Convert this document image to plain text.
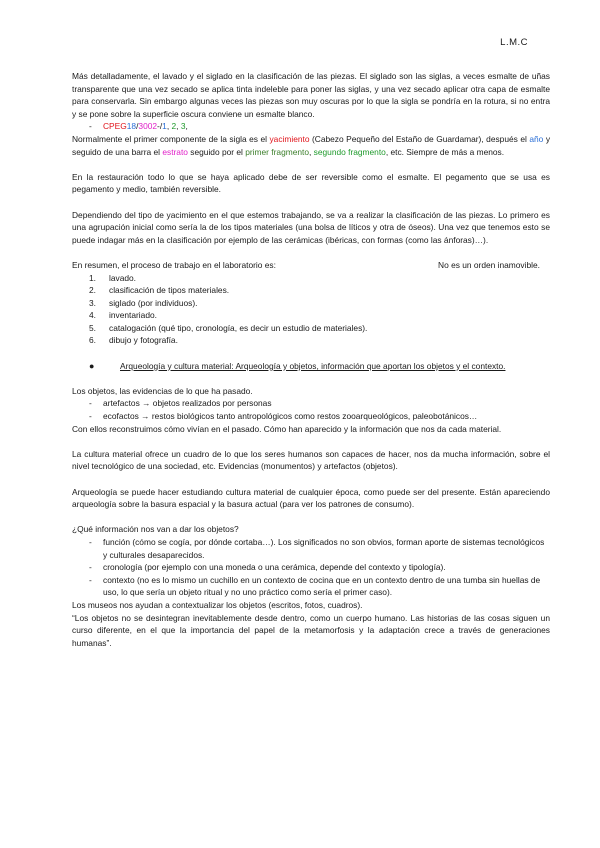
L.M.C

Más detalladamente, el lavado y el siglado en la clasificación de las piezas. El siglado son las siglas, a veces esmalte de uñas transparente que una vez secado se aplica tinta indeleble para poner las siglas, y una vez secado aplicar otra capa de esmalte para conservarla. Sin embargo algunas veces las piezas son muy oscuras por lo que la sigla se pondría en la rotura, si no entra y se pone sobre la superficie oscura conviene un esmalte blanco.

- CPEG18/3002-/1, 2, 3,

Normalmente el primer componente de la sigla es el yacimiento (Cabezo Pequeño del Estaño de Guardamar), después el año y seguido de una barra el estrato seguido por el primer fragmento, segundo fragmento, etc. Siempre de más a menos.

En la restauración todo lo que se haya aplicado debe de ser reversible como el esmalte. El pegamento que se usa es pegamento y medio, también reversible.

Dependiendo del tipo de yacimiento en el que estemos trabajando, se va a realizar la clasificación de las piezas. Lo primero es una agrupación inicial como sería la de los tipos materiales (una bolsa de líticos y otra de óseos). Una vez que tenemos esto se puede indagar más en la clasificación por ejemplo de las cerámicas (ibéricas, con formas (como las ánforas)…).

En resumen, el proceso de trabajo en el laboratorio es:	No es un orden inamovible.
1. lavado.
2. clasificación de tipos materiales.
3. siglado (por individuos).
4. inventariado.
5. catalogación (qué tipo, cronología, es decir un estudio de materiales).
6. dibujo y fotografía.
●	Arqueología y cultura material: Arqueología y objetos, información que aportan los objetos y el contexto.

Los objetos, las evidencias de lo que ha pasado.

- artefactos → objetos realizados por personas
- ecofactos → restos biológicos tanto antropológicos como restos zooarqueológicos, paleobotánicos…

Con ellos reconstruimos cómo vivían en el pasado. Cómo han aparecido y la información que nos da cada material.

La cultura material ofrece un cuadro de lo que los seres humanos son capaces de hacer, nos da mucha información, sobre el nivel tecnológico de una sociedad, etc. Evidencias (monumentos) y artefactos (objetos).

Arqueología se puede hacer estudiando cultura material de cualquier época, como puede ser del presente. Están apareciendo arqueología sobre la basura espacial y la basura actual (para ver los patrones de consumo).

¿Qué información nos van a dar los objetos?

- función (cómo se cogía, por dónde cortaba…). Los significados no son obvios, forman aporte de sistemas tecnológicos y culturales desaparecidos.
- cronología (por ejemplo con una moneda o una cerámica, depende del contexto y tipología).
- contexto (no es lo mismo un cuchillo en un contexto de cocina que en un contexto dentro de una tumba sin huellas de uso, lo que sería un objeto ritual y no uno práctico como sería el primer caso).

Los museos nos ayudan a contextualizar los objetos (escritos, fotos, cuadros).

“Los objetos no se desintegran inevitablemente desde dentro, como un cuerpo humano. Las historias de las cosas siguen un curso diferente, en el que la importancia del papel de la metamorfosis y la adaptación crece a través de generaciones humanas”.
